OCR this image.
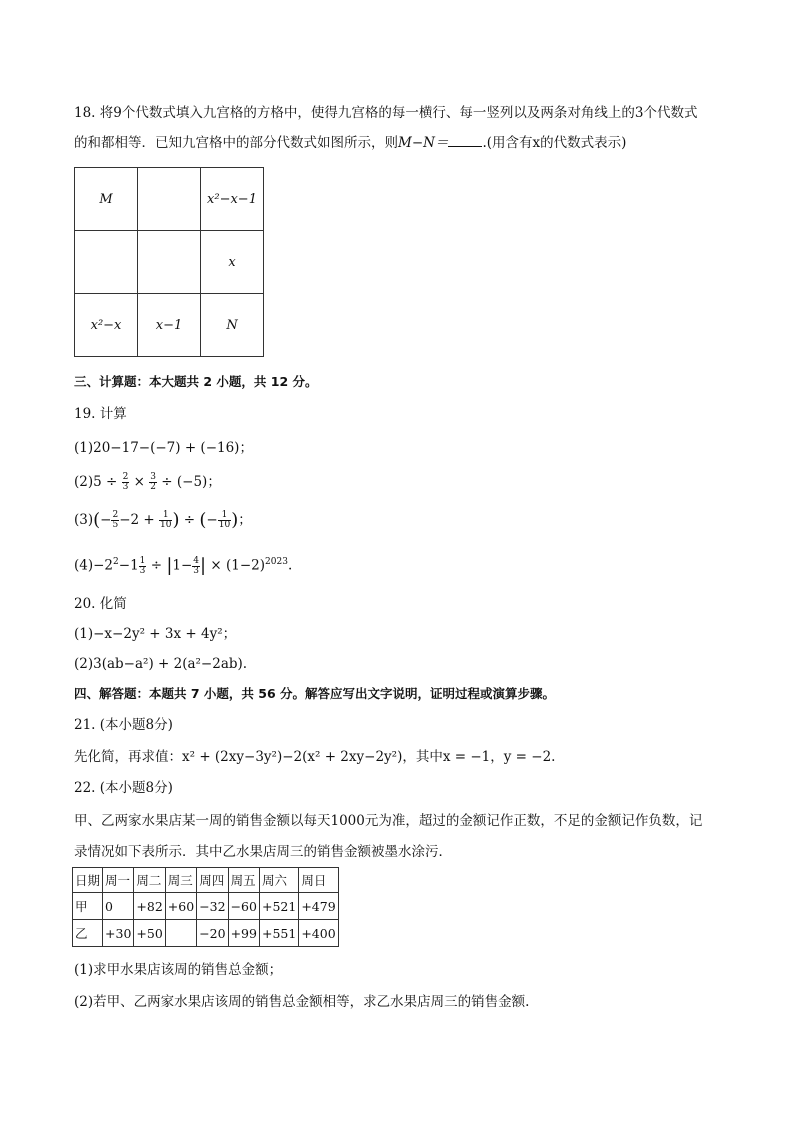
18. 将9个代数式填入九宫格的方格中，使得九宫格的每一横行、每一竖列以及两条对角线上的3个代数式
的和都相等．已知九宫格中的部分代数式如图所示，则M−N＝	.(用含有x的代数式表示)
M		x²−x−1
		x
x²−x	x−1	N
三、计算题：本大题共 2 小题，共 12 分。
19. 计算
(1)20−17−(−7) + (−16)；
$(2)5 \div \frac{2}{3} \times \frac{3}{2} \div (-5)$；
$(3)(- \frac{2}{5} -2 + \frac{1}{10}$ ) ÷ (− $\frac{1}{10}$ )；
$(4)-2^2-1 \frac{1}{3} \div |1- \frac{4}{3}$ | × $(1-2)^{2023}$.
20. 化简
(1)−x−2y² + 3x + 4y²；
(2)3(ab−a²) + 2(a²−2ab).
四、解答题：本题共 7 小题，共 56 分。解答应写出文字说明，证明过程或演算步骤。
21. (本小题8分)
先化简，再求值：x² + (2xy−3y²)−2(x² + 2xy−2y²)，其中x = −1，y = −2.
22. (本小题8分)
甲、乙两家水果店某一周的销售金额以每天1000元为准，超过的金额记作正数，不足的金额记作负数，记
录情况如下表所示．其中乙水果店周三的销售金额被墨水涂污．
日期	周一	周二	周三	周四	周五	周六	周日
甲	0	+82	+60	−32	−60	+521	+479
乙	+30	+50		−20	+99	+551	+400
(1)求甲水果店该周的销售总金额；
(2)若甲、乙两家水果店该周的销售总金额相等，求乙水果店周三的销售金额.
